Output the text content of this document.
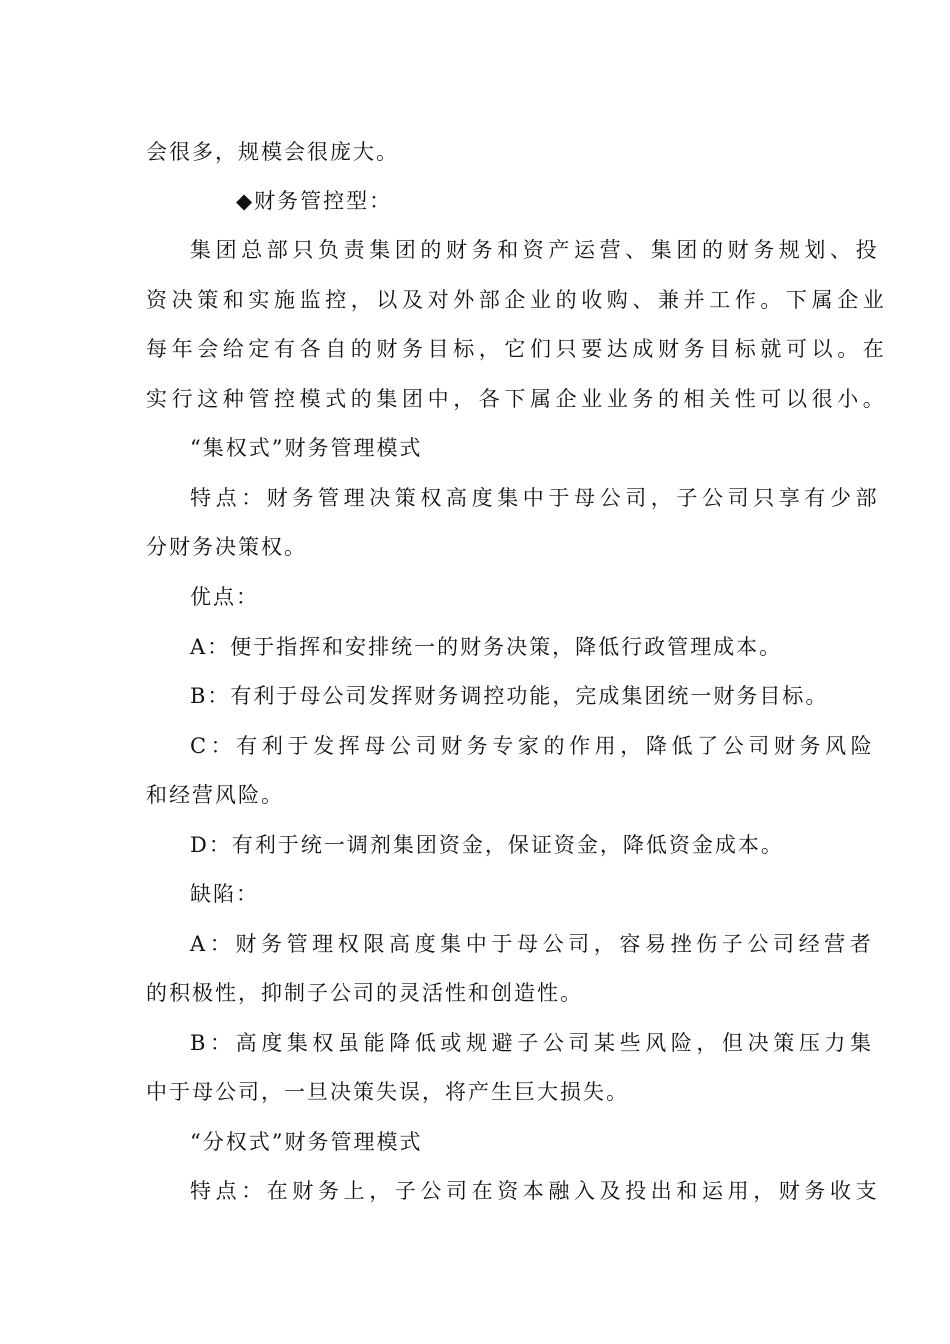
会很多，规模会很庞大。
◆财务管控型：
集团总部只负责集团的财务和资产运营、集团的财务规划、投
资决策和实施监控，以及对外部企业的收购、兼并工作。下属企业
每年会给定有各自的财务目标，它们只要达成财务目标就可以。在
实行这种管控模式的集团中，各下属企业业务的相关性可以很小。
“集权式”财务管理模式
特点：财务管理决策权高度集中于母公司，子公司只享有少部
分财务决策权。
优点：
A：便于指挥和安排统一的财务决策，降低行政管理成本。
B：有利于母公司发挥财务调控功能，完成集团统一财务目标。
C：有利于发挥母公司财务专家的作用，降低了公司财务风险
和经营风险。
D：有利于统一调剂集团资金，保证资金，降低资金成本。
缺陷：
A：财务管理权限高度集中于母公司，容易挫伤子公司经营者
的积极性，抑制子公司的灵活性和创造性。
B：高度集权虽能降低或规避子公司某些风险，但决策压力集
中于母公司，一旦决策失误，将产生巨大损失。
“分权式”财务管理模式
特点：在财务上，子公司在资本融入及投出和运用，财务收支
